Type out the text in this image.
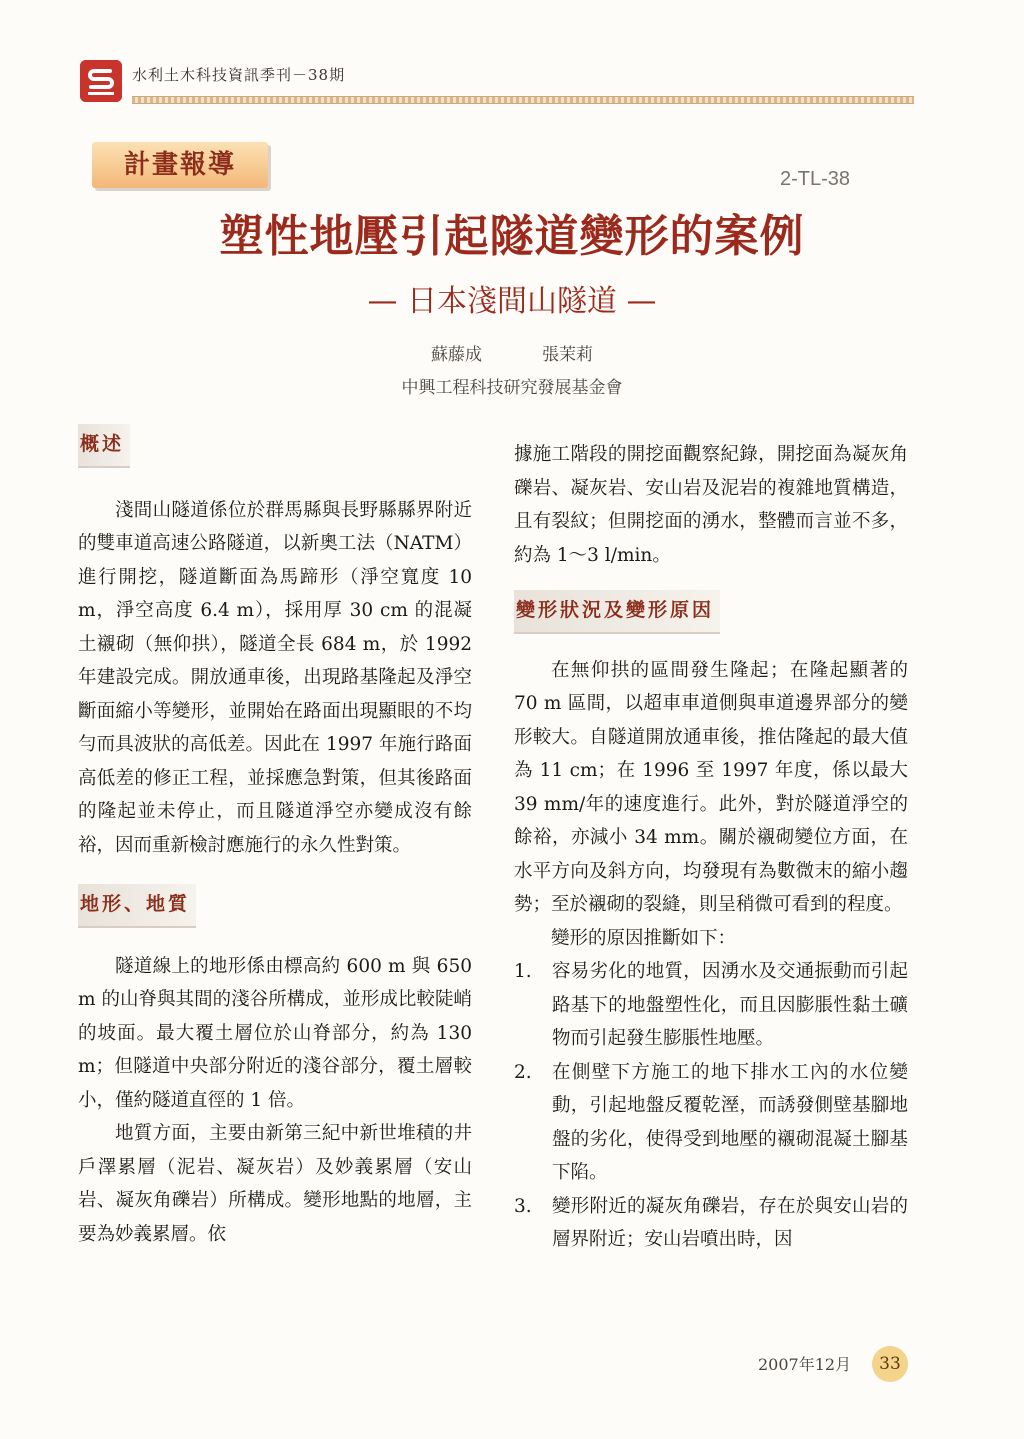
水利土木科技資訊季刊－38期
計畫報導	2-TL-38
塑性地壓引起隧道變形的案例
— 日本淺間山隧道 —
蘇藤成	張茉莉
中興工程科技研究發展基金會
概述

淺間山隧道係位於群馬縣與長野縣縣界附近的雙車道高速公路隧道，以新奧工法（NATM）進行開挖，隧道斷面為馬蹄形（淨空寬度 10 m，淨空高度 6.4 m），採用厚 30 cm 的混凝土襯砌（無仰拱），隧道全長 684 m，於 1992 年建設完成。開放通車後，出現路基隆起及淨空斷面縮小等變形，並開始在路面出現顯眼的不均勻而具波狀的高低差。因此在 1997 年施行路面高低差的修正工程，並採應急對策，但其後路面的隆起並未停止，而且隧道淨空亦變成沒有餘裕，因而重新檢討應施行的永久性對策。

地形、地質

隧道線上的地形係由標高約 600 m 與 650 m 的山脊與其間的淺谷所構成，並形成比較陡峭的坡面。最大覆土層位於山脊部分，約為 130 m；但隧道中央部分附近的淺谷部分，覆土層較小，僅約隧道直徑的 1 倍。

地質方面，主要由新第三紀中新世堆積的井戶澤累層（泥岩、凝灰岩）及妙義累層（安山岩、凝灰角礫岩）所構成。變形地點的地層，主要為妙義累層。依

據施工階段的開挖面觀察紀錄，開挖面為凝灰角礫岩、凝灰岩、安山岩及泥岩的複雜地質構造，且有裂紋；但開挖面的湧水，整體而言並不多，約為 1～3 l/min。

變形狀況及變形原因

在無仰拱的區間發生隆起；在隆起顯著的 70 m 區間，以超車車道側與車道邊界部分的變形較大。自隧道開放通車後，推估隆起的最大值為 11 cm；在 1996 至 1997 年度，係以最大 39 mm/年的速度進行。此外，對於隧道淨空的餘裕，亦減小 34 mm。關於襯砌變位方面，在水平方向及斜方向，均發現有為數微末的縮小趨勢；至於襯砌的裂縫，則呈稍微可看到的程度。

變形的原因推斷如下：

1. 容易劣化的地質，因湧水及交通振動而引起路基下的地盤塑性化，而且因膨脹性黏土礦物而引起發生膨脹性地壓。
2. 在側壁下方施工的地下排水工內的水位變動，引起地盤反覆乾溼，而誘發側壁基腳地盤的劣化，使得受到地壓的襯砌混凝土腳基下陷。
3. 變形附近的凝灰角礫岩，存在於與安山岩的層界附近；安山岩噴出時，因
2007年12月	33
